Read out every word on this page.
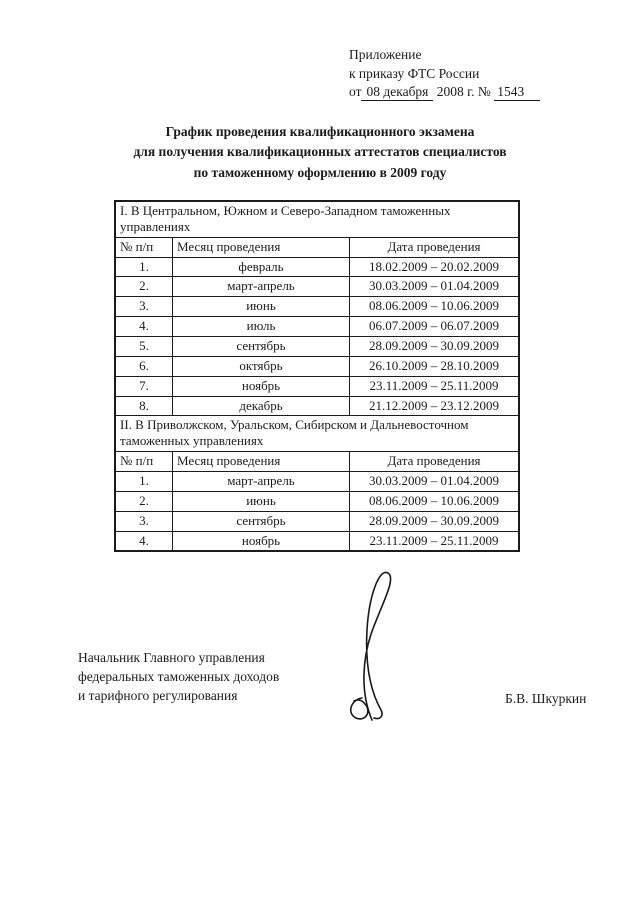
Приложение
к приказу ФТС России
от 08 декабря 2008 г. № 1543
График проведения квалификационного экзамена
для получения квалификационных аттестатов специалистов
по таможенному оформлению в 2009 году
I. В Центральном, Южном и Северо-Западном таможенных управлениях		
№ п/п	Месяц проведения	Дата проведения
1.	февраль	18.02.2009 – 20.02.2009
2.	март-апрель	30.03.2009 – 01.04.2009
3.	июнь	08.06.2009 – 10.06.2009
4.	июль	06.07.2009 – 06.07.2009
5.	сентябрь	28.09.2009 – 30.09.2009
6.	октябрь	26.10.2009 – 28.10.2009
7.	ноябрь	23.11.2009 – 25.11.2009
8.	декабрь	21.12.2009 – 23.12.2009
II. В Приволжском, Уральском, Сибирском и Дальневосточном таможенных управлениях		
№ п/п	Месяц проведения	Дата проведения
1.	март-апрель	30.03.2009 – 01.04.2009
2.	июнь	08.06.2009 – 10.06.2009
3.	сентябрь	28.09.2009 – 30.09.2009
4.	ноябрь	23.11.2009 – 25.11.2009
Начальник Главного управления
федеральных таможенных доходов
и тарифного регулирования	Б.В. Шкуркин
